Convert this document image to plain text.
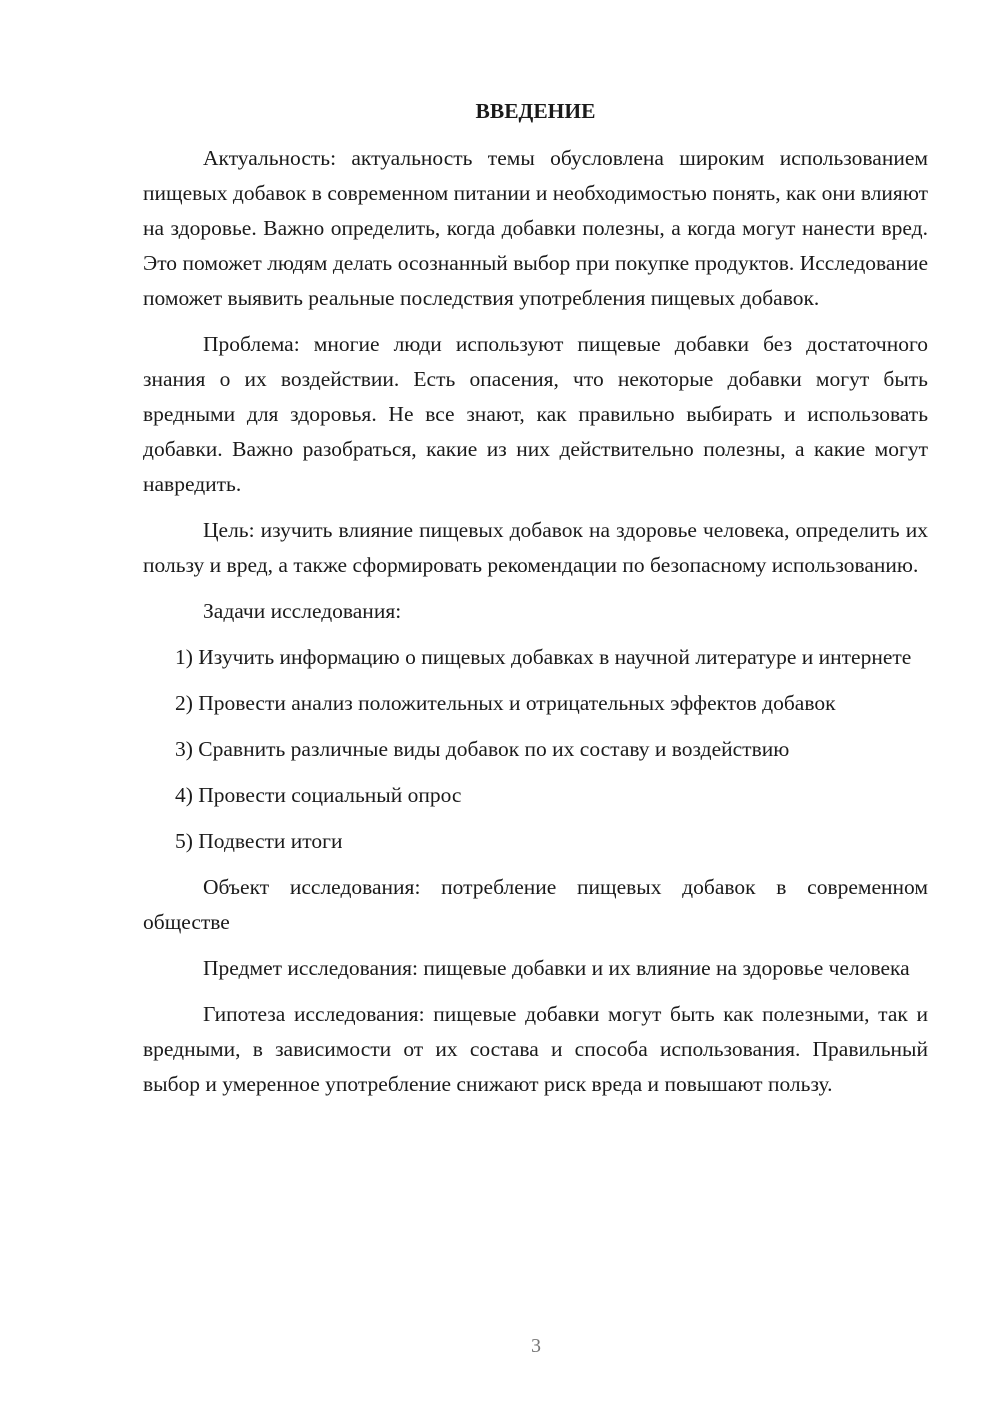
ВВЕДЕНИЕ

Актуальность: актуальность темы обусловлена широким использованием пищевых добавок в современном питании и необходимостью понять, как они влияют на здоровье. Важно определить, когда добавки полезны, а когда могут нанести вред. Это поможет людям делать осознанный выбор при покупке продуктов. Исследование поможет выявить реальные последствия употребления пищевых добавок.

Проблема: многие люди используют пищевые добавки без достаточного знания о их воздействии. Есть опасения, что некоторые добавки могут быть вредными для здоровья. Не все знают, как правильно выбирать и использовать добавки. Важно разобраться, какие из них действительно полезны, а какие могут навредить.

Цель: изучить влияние пищевых добавок на здоровье человека, определить их пользу и вред, а также сформировать рекомендации по безопасному использованию.

Задачи исследования:

1) Изучить информацию о пищевых добавках в научной литературе и интернете

2) Провести анализ положительных и отрицательных эффектов добавок

3) Сравнить различные виды добавок по их составу и воздействию

4) Провести социальный опрос

5) Подвести итоги

Объект исследования: потребление пищевых добавок в современном обществе

Предмет исследования: пищевые добавки и их влияние на здоровье человека

Гипотеза исследования: пищевые добавки могут быть как полезными, так и вредными, в зависимости от их состава и способа использования. Правильный выбор и умеренное употребление снижают риск вреда и повышают пользу.

3
